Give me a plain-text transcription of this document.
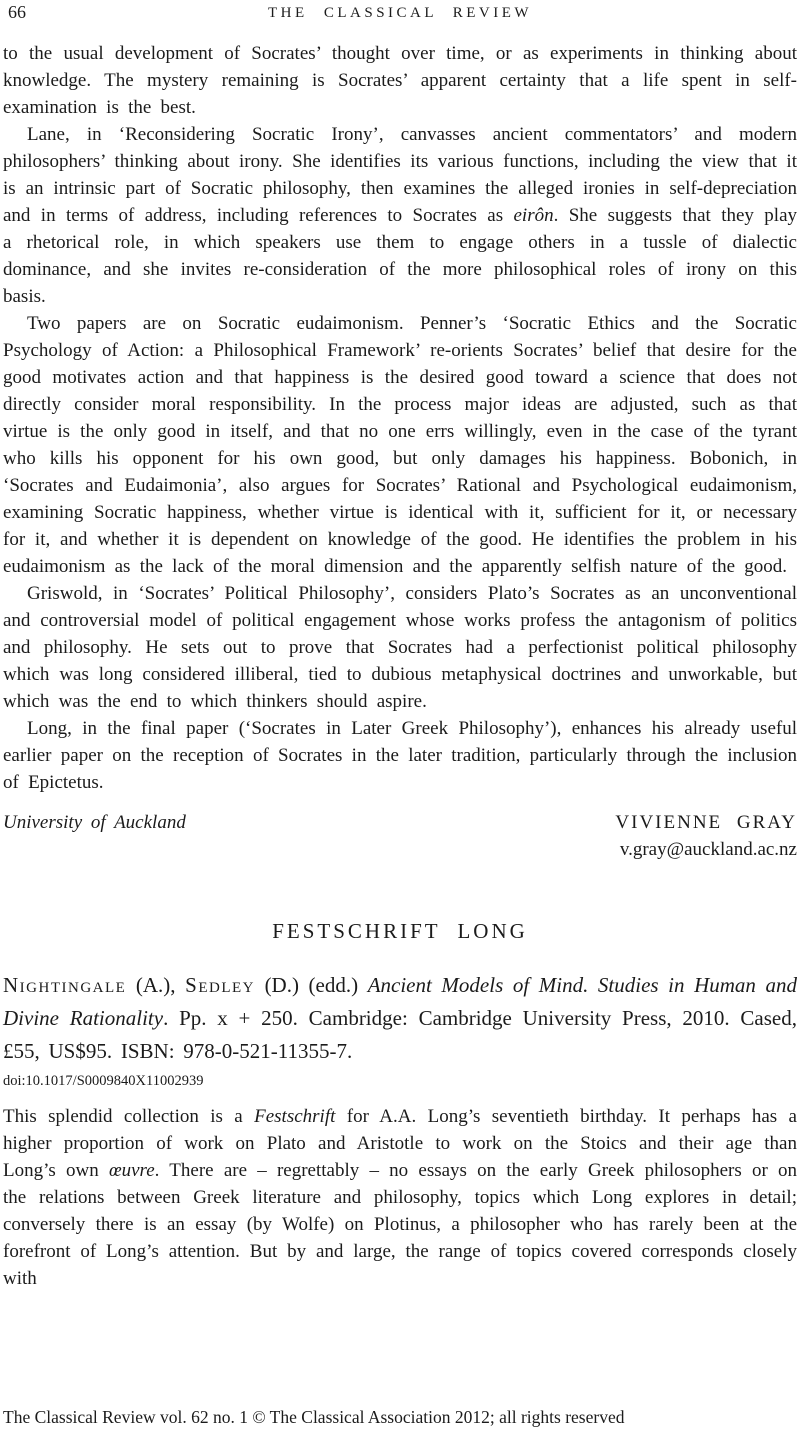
66	THE CLASSICAL REVIEW

to the usual development of Socrates’ thought over time, or as experiments in thinking about knowledge. The mystery remaining is Socrates’ apparent certainty that a life spent in self-examination is the best.

Lane, in ‘Reconsidering Socratic Irony’, canvasses ancient commentators’ and modern philosophers’ thinking about irony. She identifies its various functions, including the view that it is an intrinsic part of Socratic philosophy, then examines the alleged ironies in self-depreciation and in terms of address, including references to Socrates as eirôn. She suggests that they play a rhetorical role, in which speakers use them to engage others in a tussle of dialectic dominance, and she invites re-consideration of the more philosophical roles of irony on this basis.

Two papers are on Socratic eudaimonism. Penner’s ‘Socratic Ethics and the Socratic Psychology of Action: a Philosophical Framework’ re-orients Socrates’ belief that desire for the good motivates action and that happiness is the desired good toward a science that does not directly consider moral responsibility. In the process major ideas are adjusted, such as that virtue is the only good in itself, and that no one errs willingly, even in the case of the tyrant who kills his opponent for his own good, but only damages his happiness. Bobonich, in ‘Socrates and Eudaimonia’, also argues for Socrates’ Rational and Psychological eudaimonism, examining Socratic happiness, whether virtue is identical with it, sufficient for it, or necessary for it, and whether it is dependent on knowledge of the good. He identifies the problem in his eudaimonism as the lack of the moral dimension and the apparently selfish nature of the good.

Griswold, in ‘Socrates’ Political Philosophy’, considers Plato’s Socrates as an unconventional and controversial model of political engagement whose works profess the antagonism of politics and philosophy. He sets out to prove that Socrates had a perfectionist political philosophy which was long considered illiberal, tied to dubious metaphysical doctrines and unworkable, but which was the end to which thinkers should aspire.

Long, in the final paper (‘Socrates in Later Greek Philosophy’), enhances his already useful earlier paper on the reception of Socrates in the later tradition, particularly through the inclusion of Epictetus.

University of Auckland	VIVIENNE GRAY
v.gray@auckland.ac.nz
FESTSCHRIFT LONG

Nightingale (A.), Sedley (D.) (edd.) Ancient Models of Mind. Studies in Human and Divine Rationality. Pp. x + 250. Cambridge: Cambridge University Press, 2010. Cased, £55, US$95. ISBN: 978-0-521-11355-7.

doi:10.1017/S0009840X11002939

This splendid collection is a Festschrift for A.A. Long’s seventieth birthday. It perhaps has a higher proportion of work on Plato and Aristotle to work on the Stoics and their age than Long’s own œuvre. There are – regrettably – no essays on the early Greek philosophers or on the relations between Greek literature and philosophy, topics which Long explores in detail; conversely there is an essay (by Wolfe) on Plotinus, a philosopher who has rarely been at the forefront of Long’s attention. But by and large, the range of topics covered corresponds closely with

The Classical Review vol. 62 no. 1 © The Classical Association 2012; all rights reserved
